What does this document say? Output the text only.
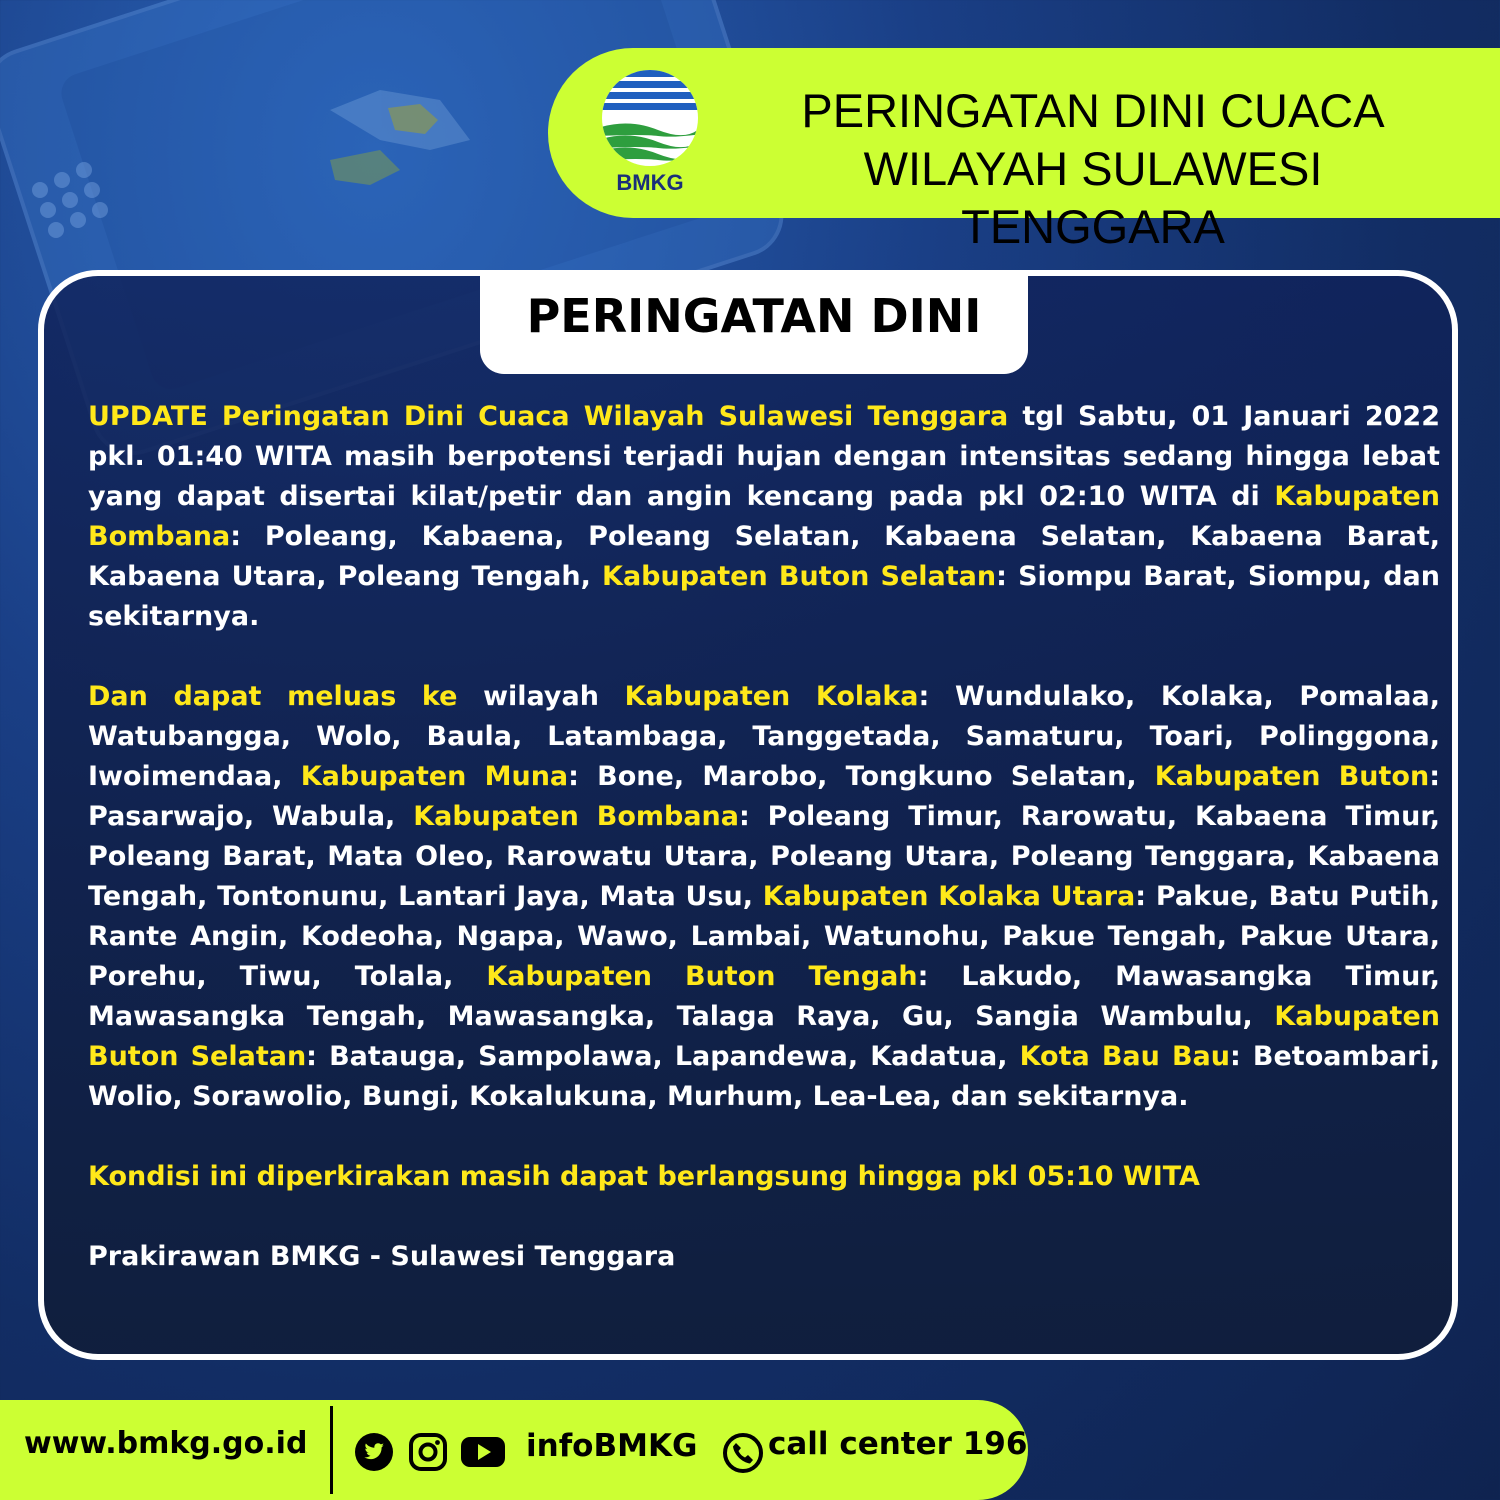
BMKG
PERINGATAN DINI CUACA
WILAYAH SULAWESI TENGGARA
PERINGATAN DINI

UPDATE Peringatan Dini Cuaca Wilayah Sulawesi Tenggara tgl Sabtu, 01 Januari 2022 pkl. 01:40 WITA masih berpotensi terjadi hujan dengan intensitas sedang hingga lebat yang dapat disertai kilat/petir dan angin kencang pada pkl 02:10 WITA di Kabupaten Bombana: Poleang, Kabaena, Poleang Selatan, Kabaena Selatan, Kabaena Barat, Kabaena Utara, Poleang Tengah, Kabupaten Buton Selatan: Siompu Barat, Siompu, dan sekitarnya.

Dan dapat meluas ke wilayah Kabupaten Kolaka: Wundulako, Kolaka, Pomalaa, Watubangga, Wolo, Baula, Latambaga, Tanggetada, Samaturu, Toari, Polinggona, Iwoimendaa, Kabupaten Muna: Bone, Marobo, Tongkuno Selatan, Kabupaten Buton: Pasarwajo, Wabula, Kabupaten Bombana: Poleang Timur, Rarowatu, Kabaena Timur, Poleang Barat, Mata Oleo, Rarowatu Utara, Poleang Utara, Poleang Tenggara, Kabaena Tengah, Tontonunu, Lantari Jaya, Mata Usu, Kabupaten Kolaka Utara: Pakue, Batu Putih, Rante Angin, Kodeoha, Ngapa, Wawo, Lambai, Watunohu, Pakue Tengah, Pakue Utara, Porehu, Tiwu, Tolala, Kabupaten Buton Tengah: Lakudo, Mawasangka Timur, Mawasangka Tengah, Mawasangka, Talaga Raya, Gu, Sangia Wambulu, Kabupaten Buton Selatan: Batauga, Sampolawa, Lapandewa, Kadatua, Kota Bau Bau: Betoambari, Wolio, Sorawolio, Bungi, Kokalukuna, Murhum, Lea-Lea, dan sekitarnya.

Kondisi ini diperkirakan masih dapat berlangsung hingga pkl 05:10 WITA

Prakirawan BMKG - Sulawesi Tenggara

www.bmkg.go.id	infoBMKG call center 196
